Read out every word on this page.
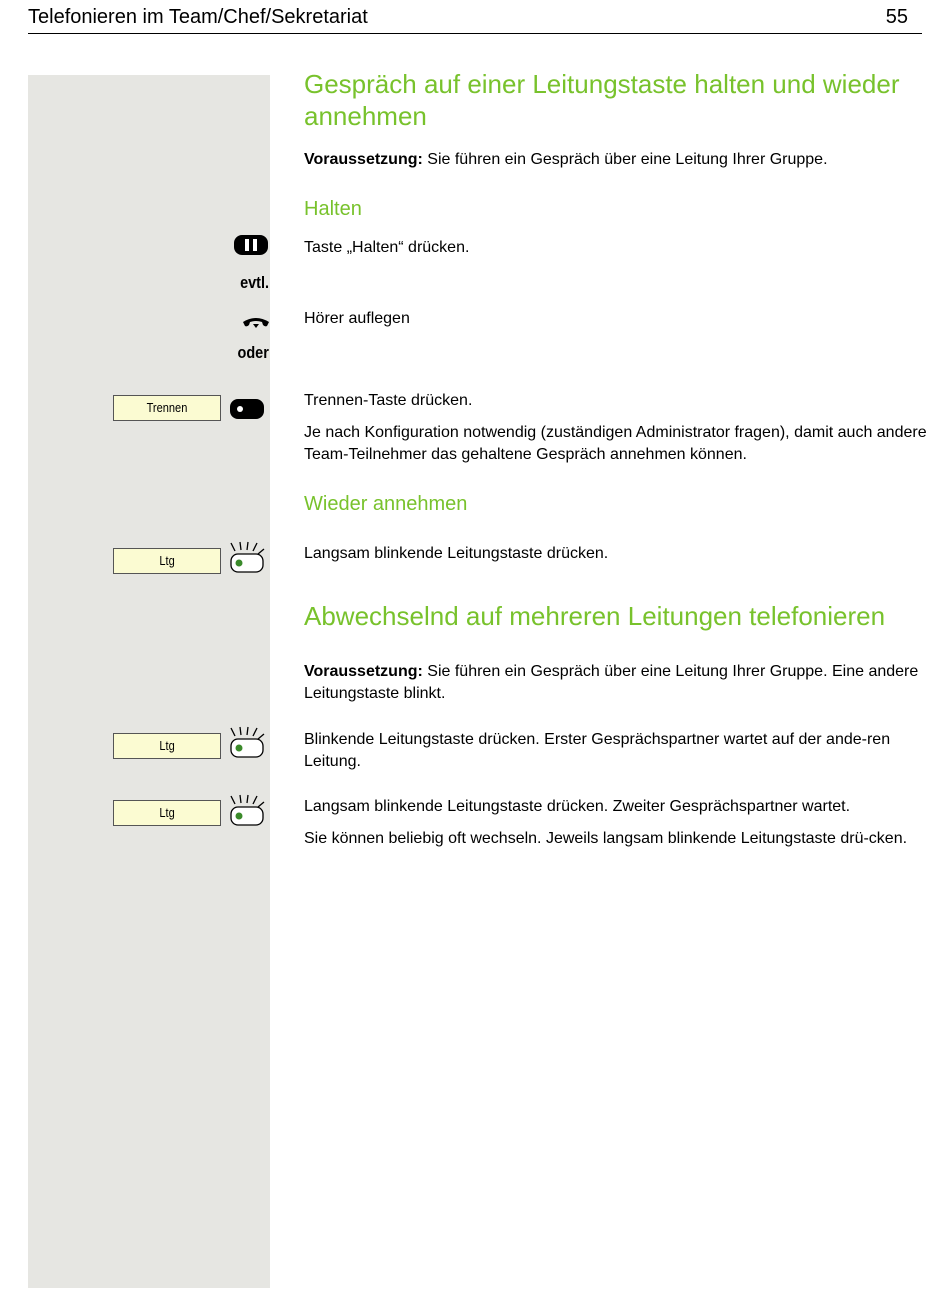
Telefonieren im Team/Chef/Sekretariat	55
Gespräch auf einer Leitungstaste halten und wieder annehmen
Voraussetzung: Sie führen ein Gespräch über eine Leitung Ihrer Gruppe.
Halten
Taste „Halten“ drücken.
evtl.
Hörer auflegen
oder
Trennen	Trennen-Taste drücken.
Je nach Konfiguration notwendig (zuständigen Administrator fragen), damit auch andere Team-Teilnehmer das gehaltene Gespräch annehmen können.
Wieder annehmen
Ltg	Langsam blinkende Leitungstaste drücken.
Abwechselnd auf mehreren Leitungen telefonieren
Voraussetzung: Sie führen ein Gespräch über eine Leitung Ihrer Gruppe. Eine andere Leitungstaste blinkt.
Ltg	Blinkende Leitungstaste drücken. Erster Gesprächspartner wartet auf der ande-ren Leitung.
Ltg	Langsam blinkende Leitungstaste drücken. Zweiter Gesprächspartner wartet.
Sie können beliebig oft wechseln. Jeweils langsam blinkende Leitungstaste drü-cken.
